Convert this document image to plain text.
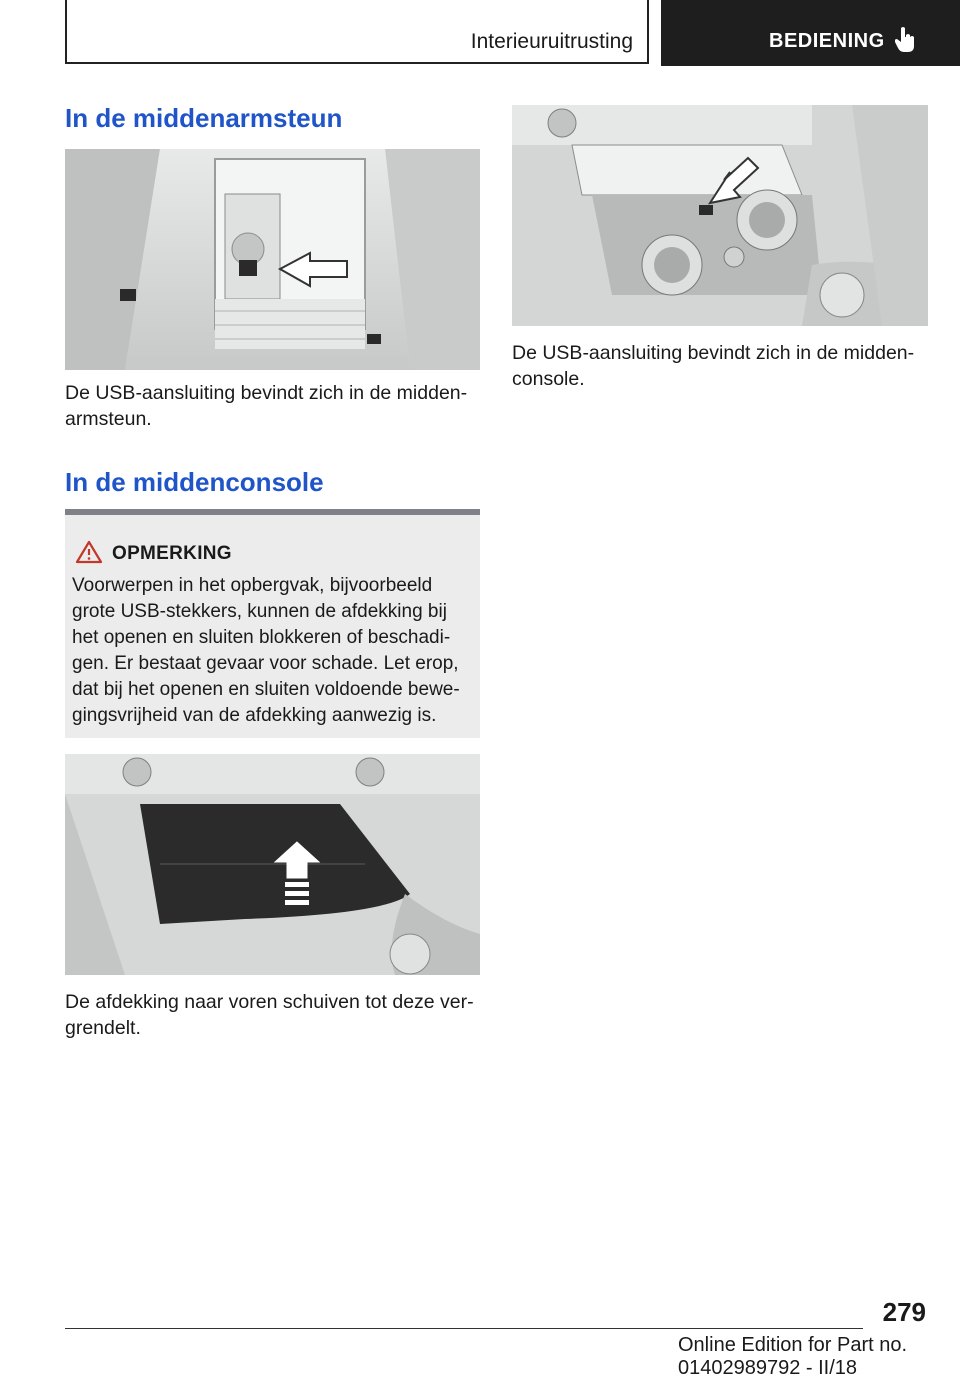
Interieuruitrusting	BEDIENING
In de middenarmsteun

De USB-aansluiting bevindt zich in de middenarmsteun.

In de middenconsole
OPMERKING

Voorwerpen in het opbergvak, bijvoorbeeld grote USB-stekkers, kunnen de afdekking bij het openen en sluiten blokkeren of beschadigen. Er bestaat gevaar voor schade. Let erop, dat bij het openen en sluiten voldoende bewegingsvrijheid van de afdekking aanwezig is.

De afdekking naar voren schuiven tot deze vergrendelt.

De USB-aansluiting bevindt zich in de middenconsole.

279
Online Edition for Part no. 01402989792 - II/18
